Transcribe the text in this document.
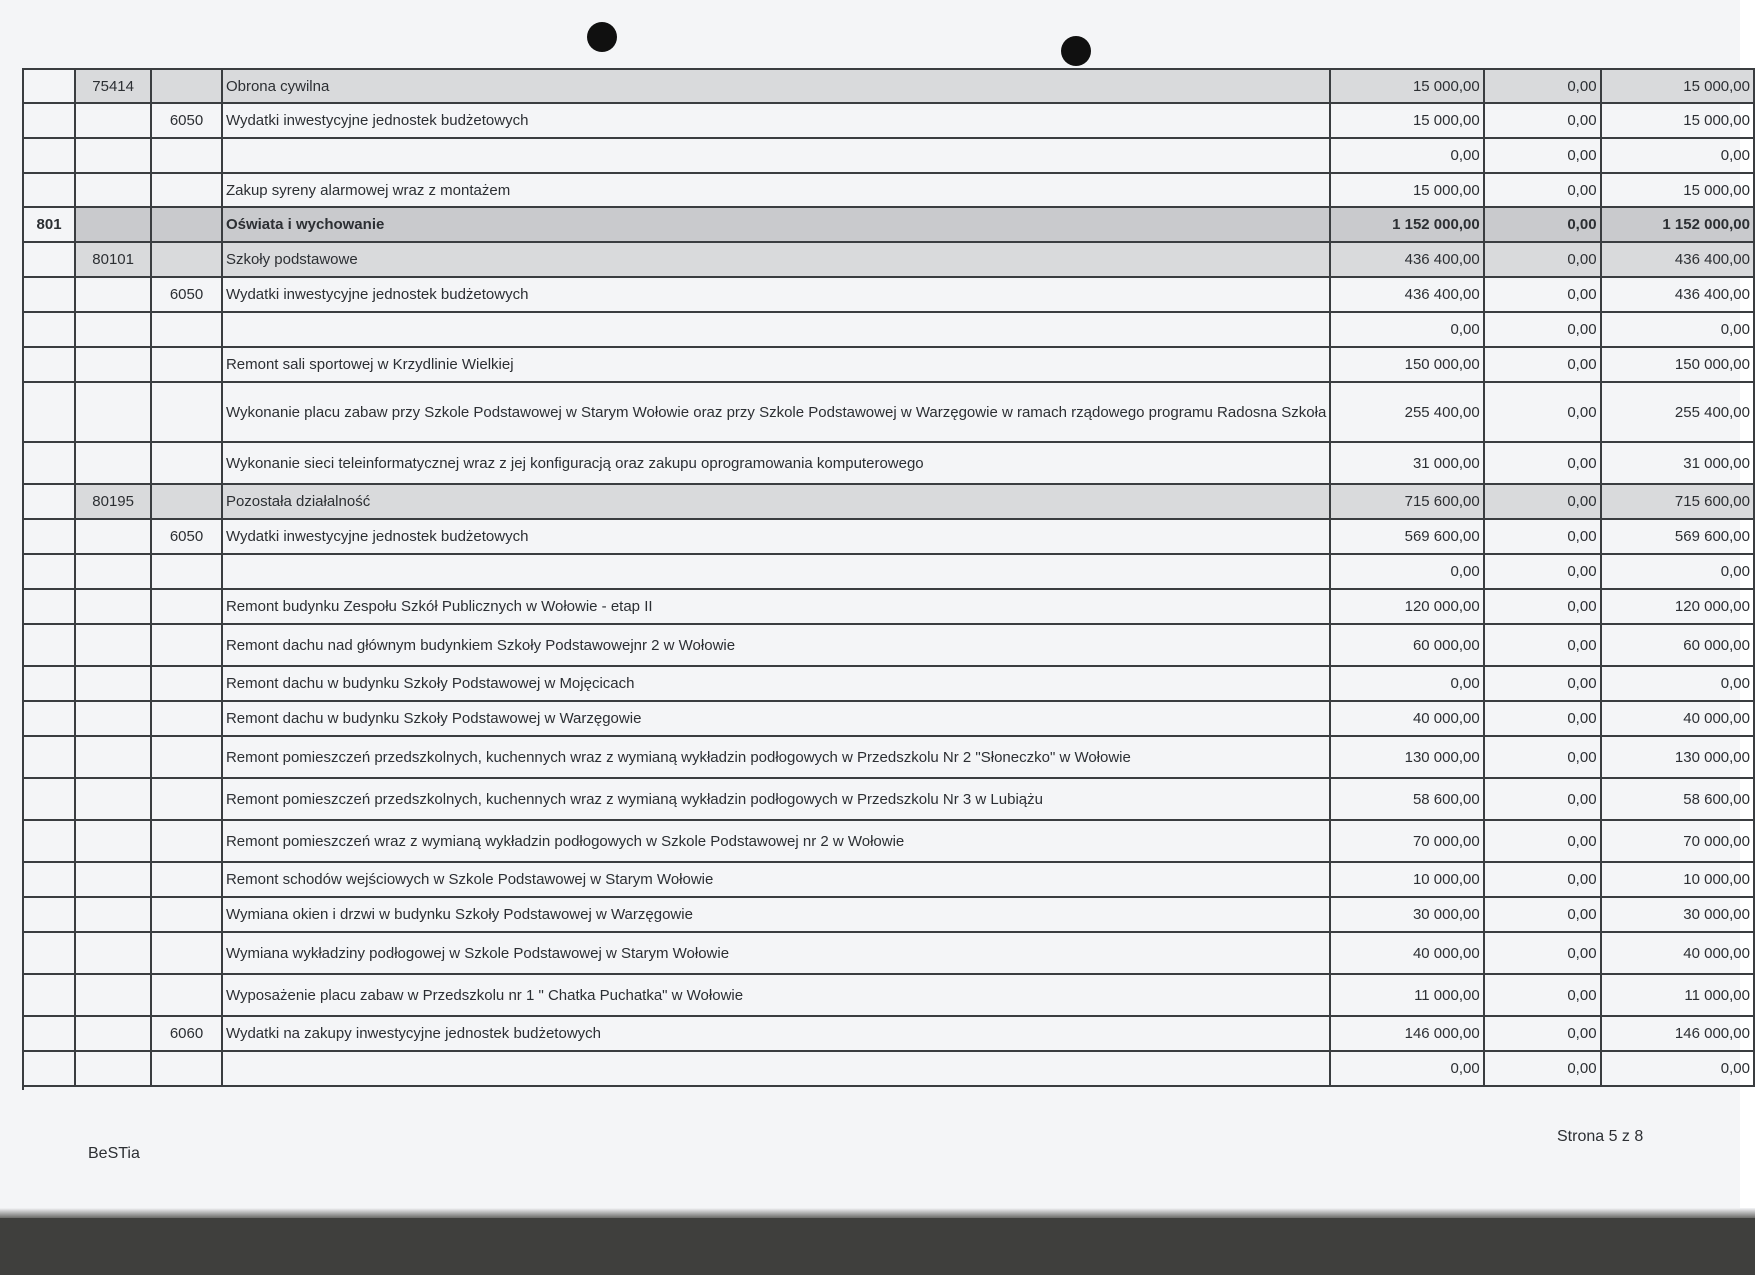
	75414		Obrona cywilna	15 000,00	0,00	15 000,00
		6050	Wydatki inwestycyjne jednostek budżetowych	15 000,00	0,00	15 000,00
				0,00	0,00	0,00
			Zakup syreny alarmowej wraz z montażem	15 000,00	0,00	15 000,00
801			Oświata i wychowanie	1 152 000,00	0,00	1 152 000,00
	80101		Szkoły podstawowe	436 400,00	0,00	436 400,00
		6050	Wydatki inwestycyjne jednostek budżetowych	436 400,00	0,00	436 400,00
				0,00	0,00	0,00
			Remont sali sportowej w Krzydlinie Wielkiej	150 000,00	0,00	150 000,00
			Wykonanie placu zabaw przy Szkole Podstawowej w Starym Wołowie oraz przy Szkole Podstawowej w Warzęgowie w ramach rządowego programu Radosna Szkoła	255 400,00	0,00	255 400,00
			Wykonanie sieci teleinformatycznej wraz z jej konfiguracją oraz zakupu oprogramowania komputerowego	31 000,00	0,00	31 000,00
	80195		Pozostała działalność	715 600,00	0,00	715 600,00
		6050	Wydatki inwestycyjne jednostek budżetowych	569 600,00	0,00	569 600,00
				0,00	0,00	0,00
			Remont budynku Zespołu Szkół Publicznych w Wołowie - etap II	120 000,00	0,00	120 000,00
			Remont dachu nad głównym budynkiem Szkoły Podstawowejnr 2 w Wołowie	60 000,00	0,00	60 000,00
			Remont dachu w budynku Szkoły Podstawowej w Mojęcicach	0,00	0,00	0,00
			Remont dachu w budynku Szkoły Podstawowej w Warzęgowie	40 000,00	0,00	40 000,00
			Remont pomieszczeń przedszkolnych, kuchennych wraz z wymianą wykładzin podłogowych w Przedszkolu Nr 2 "Słoneczko" w Wołowie	130 000,00	0,00	130 000,00
			Remont pomieszczeń przedszkolnych, kuchennych wraz z wymianą wykładzin podłogowych w Przedszkolu Nr 3 w Lubiążu	58 600,00	0,00	58 600,00
			Remont pomieszczeń wraz z wymianą wykładzin podłogowych w Szkole Podstawowej nr 2 w Wołowie	70 000,00	0,00	70 000,00
			Remont schodów wejściowych w Szkole Podstawowej w Starym Wołowie	10 000,00	0,00	10 000,00
			Wymiana okien i drzwi w budynku Szkoły Podstawowej w Warzęgowie	30 000,00	0,00	30 000,00
			Wymiana wykładziny podłogowej w Szkole Podstawowej w Starym Wołowie	40 000,00	0,00	40 000,00
			Wyposażenie placu zabaw w Przedszkolu nr 1 " Chatka Puchatka" w Wołowie	11 000,00	0,00	11 000,00
		6060	Wydatki na zakupy inwestycyjne jednostek budżetowych	146 000,00	0,00	146 000,00
				0,00	0,00	0,00
BeSTia
Strona 5 z 8
